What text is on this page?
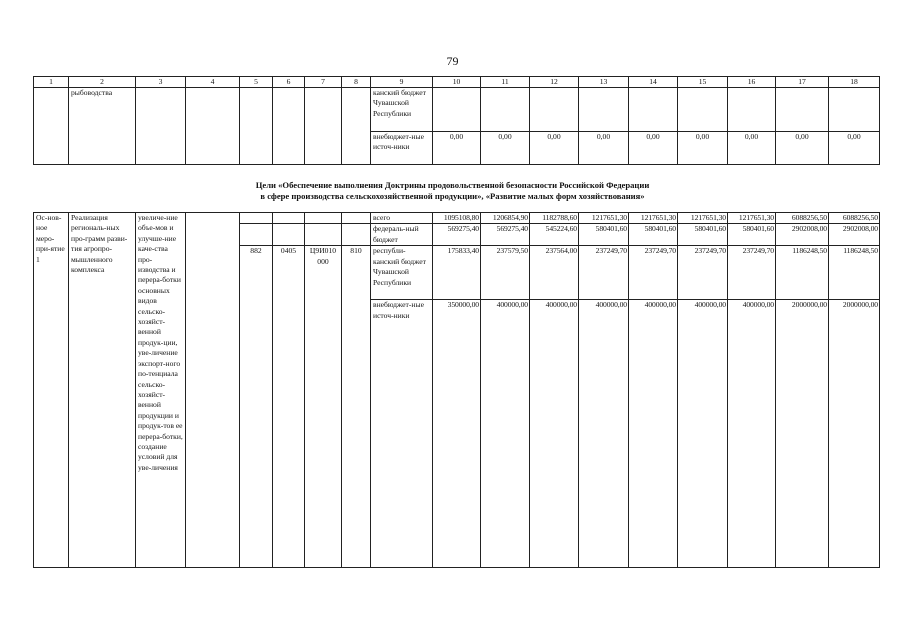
79
1	2	3	4	5	6	7	8	9	10	11	12	13	14	15	16	17	18
	рыбоводства							канский бюджет Чувашской Республики									
								внебюджет-ные источ-ники	0,00	0,00	0,00	0,00	0,00	0,00	0,00	0,00	0,00
Цели «Обеспечение выполнения Доктрины продовольственной безопасности Российской Федерации
в сфере производства сельскохозяйственной продукции», «Развитие малых форм хозяйствования»
Ос-нов-ное меро-при-ятие 1	Реализация региональ-ных про-грамм разви-тия агропро-мышленного комплекса	увеличе-ние объе-мов и улучше-ние каче-ства про-изводства и перера-ботки основных видов сельско-хозяйст-венной продук-ции, уве-личение экспорт-ного по-тенциала сельско-хозяйст-венной продукции и продук-тов ее перера-ботки, создание условий для уве-личения						всего	1095108,80	1206854,90	1182788,60	1217651,30	1217651,30	1217651,30	1217651,30	6088256,50	6088256,50
								федераль-ный бюджет	569275,40	569275,40	545224,60	580401,60	580401,60	580401,60	580401,60	2902008,00	2902008,00
				882	0405	Ц9И010 000	810	республи-канский бюджет Чувашской Республики	175833,40	237579,50	237564,00	237249,70	237249,70	237249,70	237249,70	1186248,50	1186248,50
								внебюджет-ные источ-ники	350000,00	400000,00	400000,00	400000,00	400000,00	400000,00	400000,00	2000000,00	2000000,00
